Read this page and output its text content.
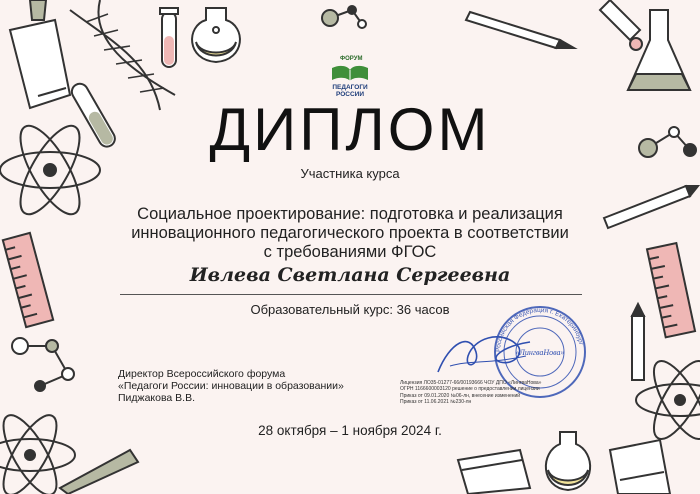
ФОРУМ
ПЕДАГОГИ РОССИИ
ДИПЛОМ
Участника курса
Социальное проектирование: подготовка и реализация
инновационного педагогического проекта в соответствии
с требованиями ФГОС
Ивлева Светлана Сергеевна
Образовательный курс: 36 часов
Директор Всероссийского форума
«Педагоги России: инновации в образовании»
Пиджакова В.В.
Российская Федерация г. Екатеринбург
«ЛингваНова»
Лицензия ЛО35-01277-66/00193666 ЧОУ ДПО «ЛингваНова»
ОГРН 1166600003120 решение о предоставлении лицензии
Приказ от 09.01.2020 №06-лн, внесение изменений
Приказ от 11.06.2021 №230-лн
28 октября – 1 ноября 2024 г.
